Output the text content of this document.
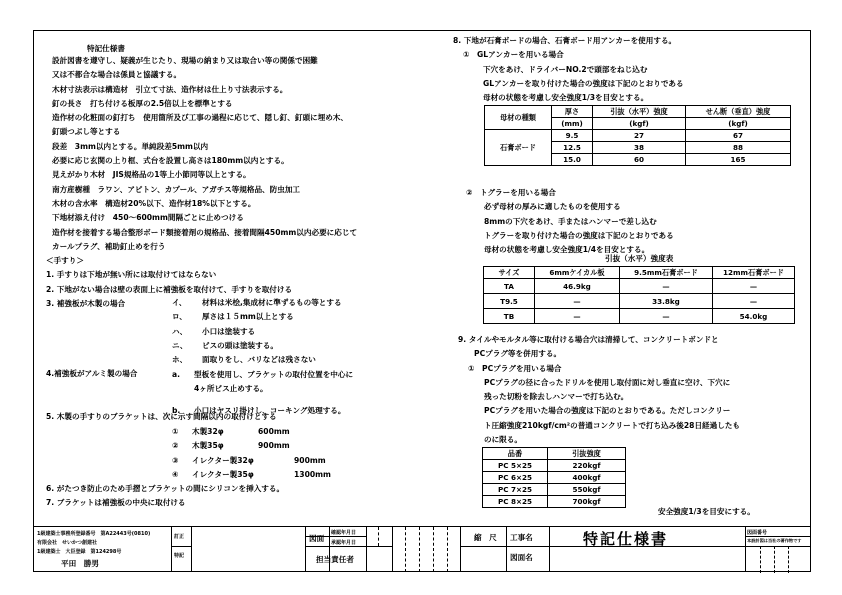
特記仕様書
設計図書を遵守し、疑義が生じたり、現場の納まり又は取合い等の関係で困難
又は不都合な場合は係員と協議する。
木材寸法表示は構造材　引立て寸法、造作材は仕上り寸法表示する。
釘の長さ　打ち付ける板厚の2.5倍以上を標準とする
造作材の化粧面の釘打ち　使用箇所及び工事の過程に応じて、隠し釘、釘頭に埋め木、
釘頭つぶし等とする
段差　3mm以内とする。単純段差5mm以内
必要に応じ玄関の上り框、式台を設置し高さは180mm以内とする。
見えがかり木材　JIS規格品の1等上小節同等以上とする。
南方産樹種　ラワン、アピトン、カプール、アガチス等規格品、防虫加工
木材の含水率　構造材20%以下、造作材18%以下とする。
下地材添え付け　450～600mm間隔ごとに止めつける
造作材を接着する場合整形ボード類接着剤の規格品、接着間隔450mm以内必要に応じて
カールプラグ、補助釘止めを行う
＜手すり＞
1. 手すりは下地が無い所には取付けてはならない
2. 下地がない場合は壁の表面上に補強板を取付けて、手すりを取付ける
3. 補強板が木製の場合	イ、 材料は米桧,集成材に準ずるもの等とする
ロ、 厚さは１５mm以上とする
ハ、 小口は塗装する
ニ、 ビスの頭は塗装する。
ホ、 面取りをし、バリなどは残さない
4.補強板がアルミ製の場合	a. 型板を使用し、ブラケットの取付位置を中心に
4ヶ所ビス止めする。
b. 小口はヤスリ掛けし、コーキング処理する。
5. 木製の手すりのブラケットは、次に示す間隔以内の取付けとする
① 木製32φ	600mm
② 木製35φ	900mm
③ イレクター製32φ	900mm
④ イレクター製35φ	1300mm
6. がたつき防止のため手摺とブラケットの間にシリコンを挿入する。
7. ブラケットは補強板の中央に取付ける
8. 下地が石膏ボードの場合、石膏ボード用アンカーを使用する。
①　GLアンカーを用いる場合
下穴をあけ、ドライバーNO.2で頭部をねじ込む
GLアンカーを取り付けた場合の強度は下記のとおりである
母材の状態を考慮し安全強度1/3を目安とする。
母材の種類	厚さ	引抜（水平）強度	せん断（垂直）強度
	(mm)	(kgf)	(kgf)
石膏ボード	9.5	27	67
	12.5	38	88
	15.0	60	165
②　トグラーを用いる場合
必ず母材の厚みに適したものを使用する
8mmの下穴をあけ、手またはハンマーで差し込む
トグラーを取り付けた場合の強度は下記のとおりである
母材の状態を考慮し安全強度1/4を目安とする。
引抜（水平）強度表
サイズ	6mmケイカル板	9.5mm石膏ボード	12mm石膏ボード
TA	46.9kg	—	—
T9.5	—	33.8kg	—
TB	—	—	54.0kg
9. タイルやモルタル等に取付ける場合穴は清掃して、コンクリートボンドと
PCプラグ等を併用する。
①　PCプラグを用いる場合
PCプラグの径に合ったドリルを使用し取付面に対し垂直に空け、下穴に
残った切粉を除去しハンマーで打ち込む。
PCプラグを用いた場合の強度は下記のとおりである。ただしコンクリー
ト圧縮強度210kgf/cm²の普通コンクリートで打ち込み後28日経過したも
のに限る。
品番	引抜強度
PC 5×25	220kgf
PC 6×25	400kgf
PC 7×25	550kgf
PC 8×25	700kgf
安全強度1/3を目安にする。
1級建築士事務所登録番号　第A22443号(0810)
有限会社　せいかつ創建社
1級建築士　大臣登録　第124298号
平田　勝男
訂正
特記
図面
確認年月日
承認年月日
担当責任者
縮　尺 工事名
図面名
特記仕様書	図面番号
本設計図は当社の著作物です
